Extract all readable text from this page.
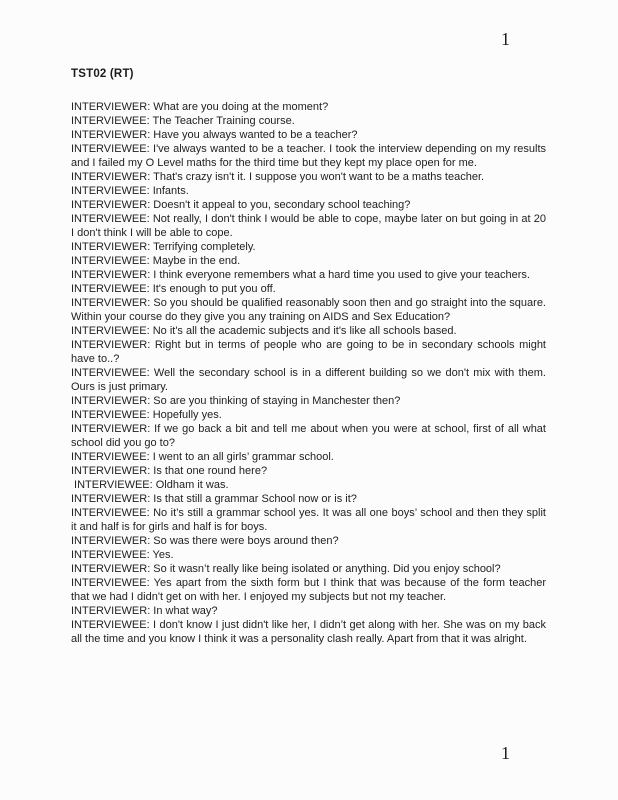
1
TST02 (RT)

INTERVIEWER: What are you doing at the moment?

INTERVIEWEE: The Teacher Training course.

INTERVIEWER: Have you always wanted to be a teacher?

INTERVIEWEE: I've always wanted to be a teacher. I took the interview depending on my results and I failed my O Level maths for the third time but they kept my place open for me.

INTERVIEWER: That's crazy isn't it. I suppose you won't want to be a maths teacher.

INTERVIEWEE: Infants.

INTERVIEWER: Doesn't it appeal to you, secondary school teaching?

INTERVIEWEE: Not really, I don't think I would be able to cope, maybe later on but going in at 20 I don't think I will be able to cope.

INTERVIEWER: Terrifying completely.

INTERVIEWEE: Maybe in the end.

INTERVIEWER: I think everyone remembers what a hard time you used to give your teachers.

INTERVIEWEE: It's enough to put you off.

INTERVIEWER: So you should be qualified reasonably soon then and go straight into the square. Within your course do they give you any training on AIDS and Sex Education?

INTERVIEWEE: No it's all the academic subjects and it's like all schools based.

INTERVIEWER: Right but in terms of people who are going to be in secondary schools might have to..?

INTERVIEWEE: Well the secondary school is in a different building so we don't mix with them. Ours is just primary.

INTERVIEWER: So are you thinking of staying in Manchester then?

INTERVIEWEE: Hopefully yes.

INTERVIEWER: If we go back a bit and tell me about when you were at school, first of all what school did you go to?

INTERVIEWEE: I went to an all girls’ grammar school.

INTERVIEWER: Is that one round here?

INTERVIEWEE: Oldham it was.

INTERVIEWER: Is that still a grammar School now or is it?

INTERVIEWEE: No it’s still a grammar school yes. It was all one boys’ school and then they split it and half is for girls and half is for boys.

INTERVIEWER: So was there were boys around then?

INTERVIEWEE: Yes.

INTERVIEWER: So it wasn’t really like being isolated or anything. Did you enjoy school?

INTERVIEWEE: Yes apart from the sixth form but I think that was because of the form teacher that we had I didn't get on with her. I enjoyed my subjects but not my teacher.

INTERVIEWER: In what way?

INTERVIEWEE: I don't know I just didn't like her, I didn’t get along with her. She was on my back all the time and you know I think it was a personality clash really. Apart from that it was alright.

1
